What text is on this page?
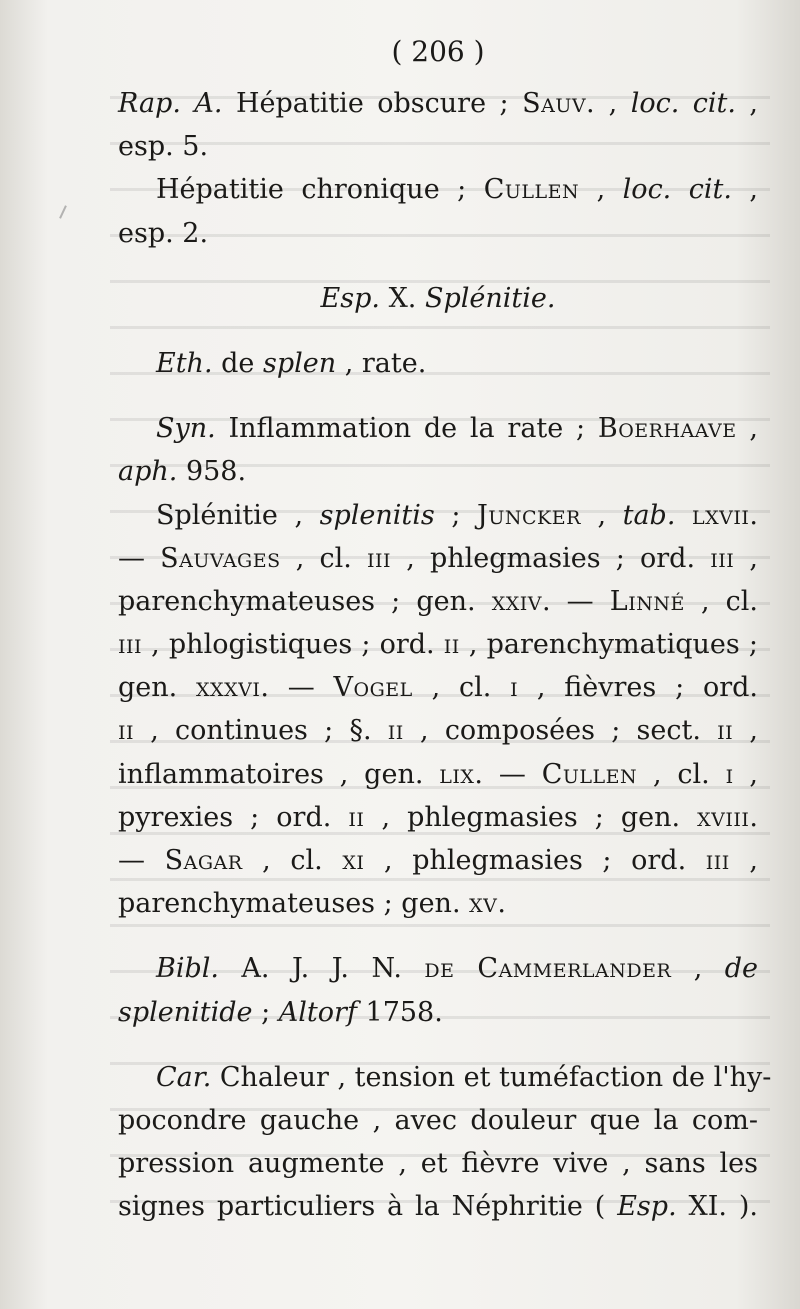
( 206 )
Rap. A. Hépatitie obscure ; Sauv. , loc. cit. ,
esp. 5.
Hépatitie chronique ; Cullen , loc. cit. ,
esp. 2.
Esp. X. Splénitie.
Eth. de splen , rate.
Syn. Inflammation de la rate ; Boerhaave ,
aph. 958.
Splénitie , splenitis ; Juncker , tab. lxvii.
— Sauvages , cl. iii , phlegmasies ; ord. iii ,
parenchymateuses ; gen. xxiv. — Linné , cl.
iii , phlogistiques ; ord. ii , parenchymatiques ;
gen. xxxvi. — Vogel , cl. i , fièvres ; ord.
ii , continues ; §. ii , composées ; sect. ii ,
inflammatoires , gen. lix. — Cullen , cl. i ,
pyrexies ; ord. ii , phlegmasies ; gen. xviii.
— Sagar , cl. xi , phlegmasies ; ord. iii ,
parenchymateuses ; gen. xv.
Bibl. A. J. J. N. de Cammerlander , de
splenitide ; Altorf 1758.
Car. Chaleur , tension et tuméfaction de l'hy-
pocondre gauche , avec douleur que la com-
pression augmente , et fièvre vive , sans les
signes particuliers à la Néphritie ( Esp. XI. ).
